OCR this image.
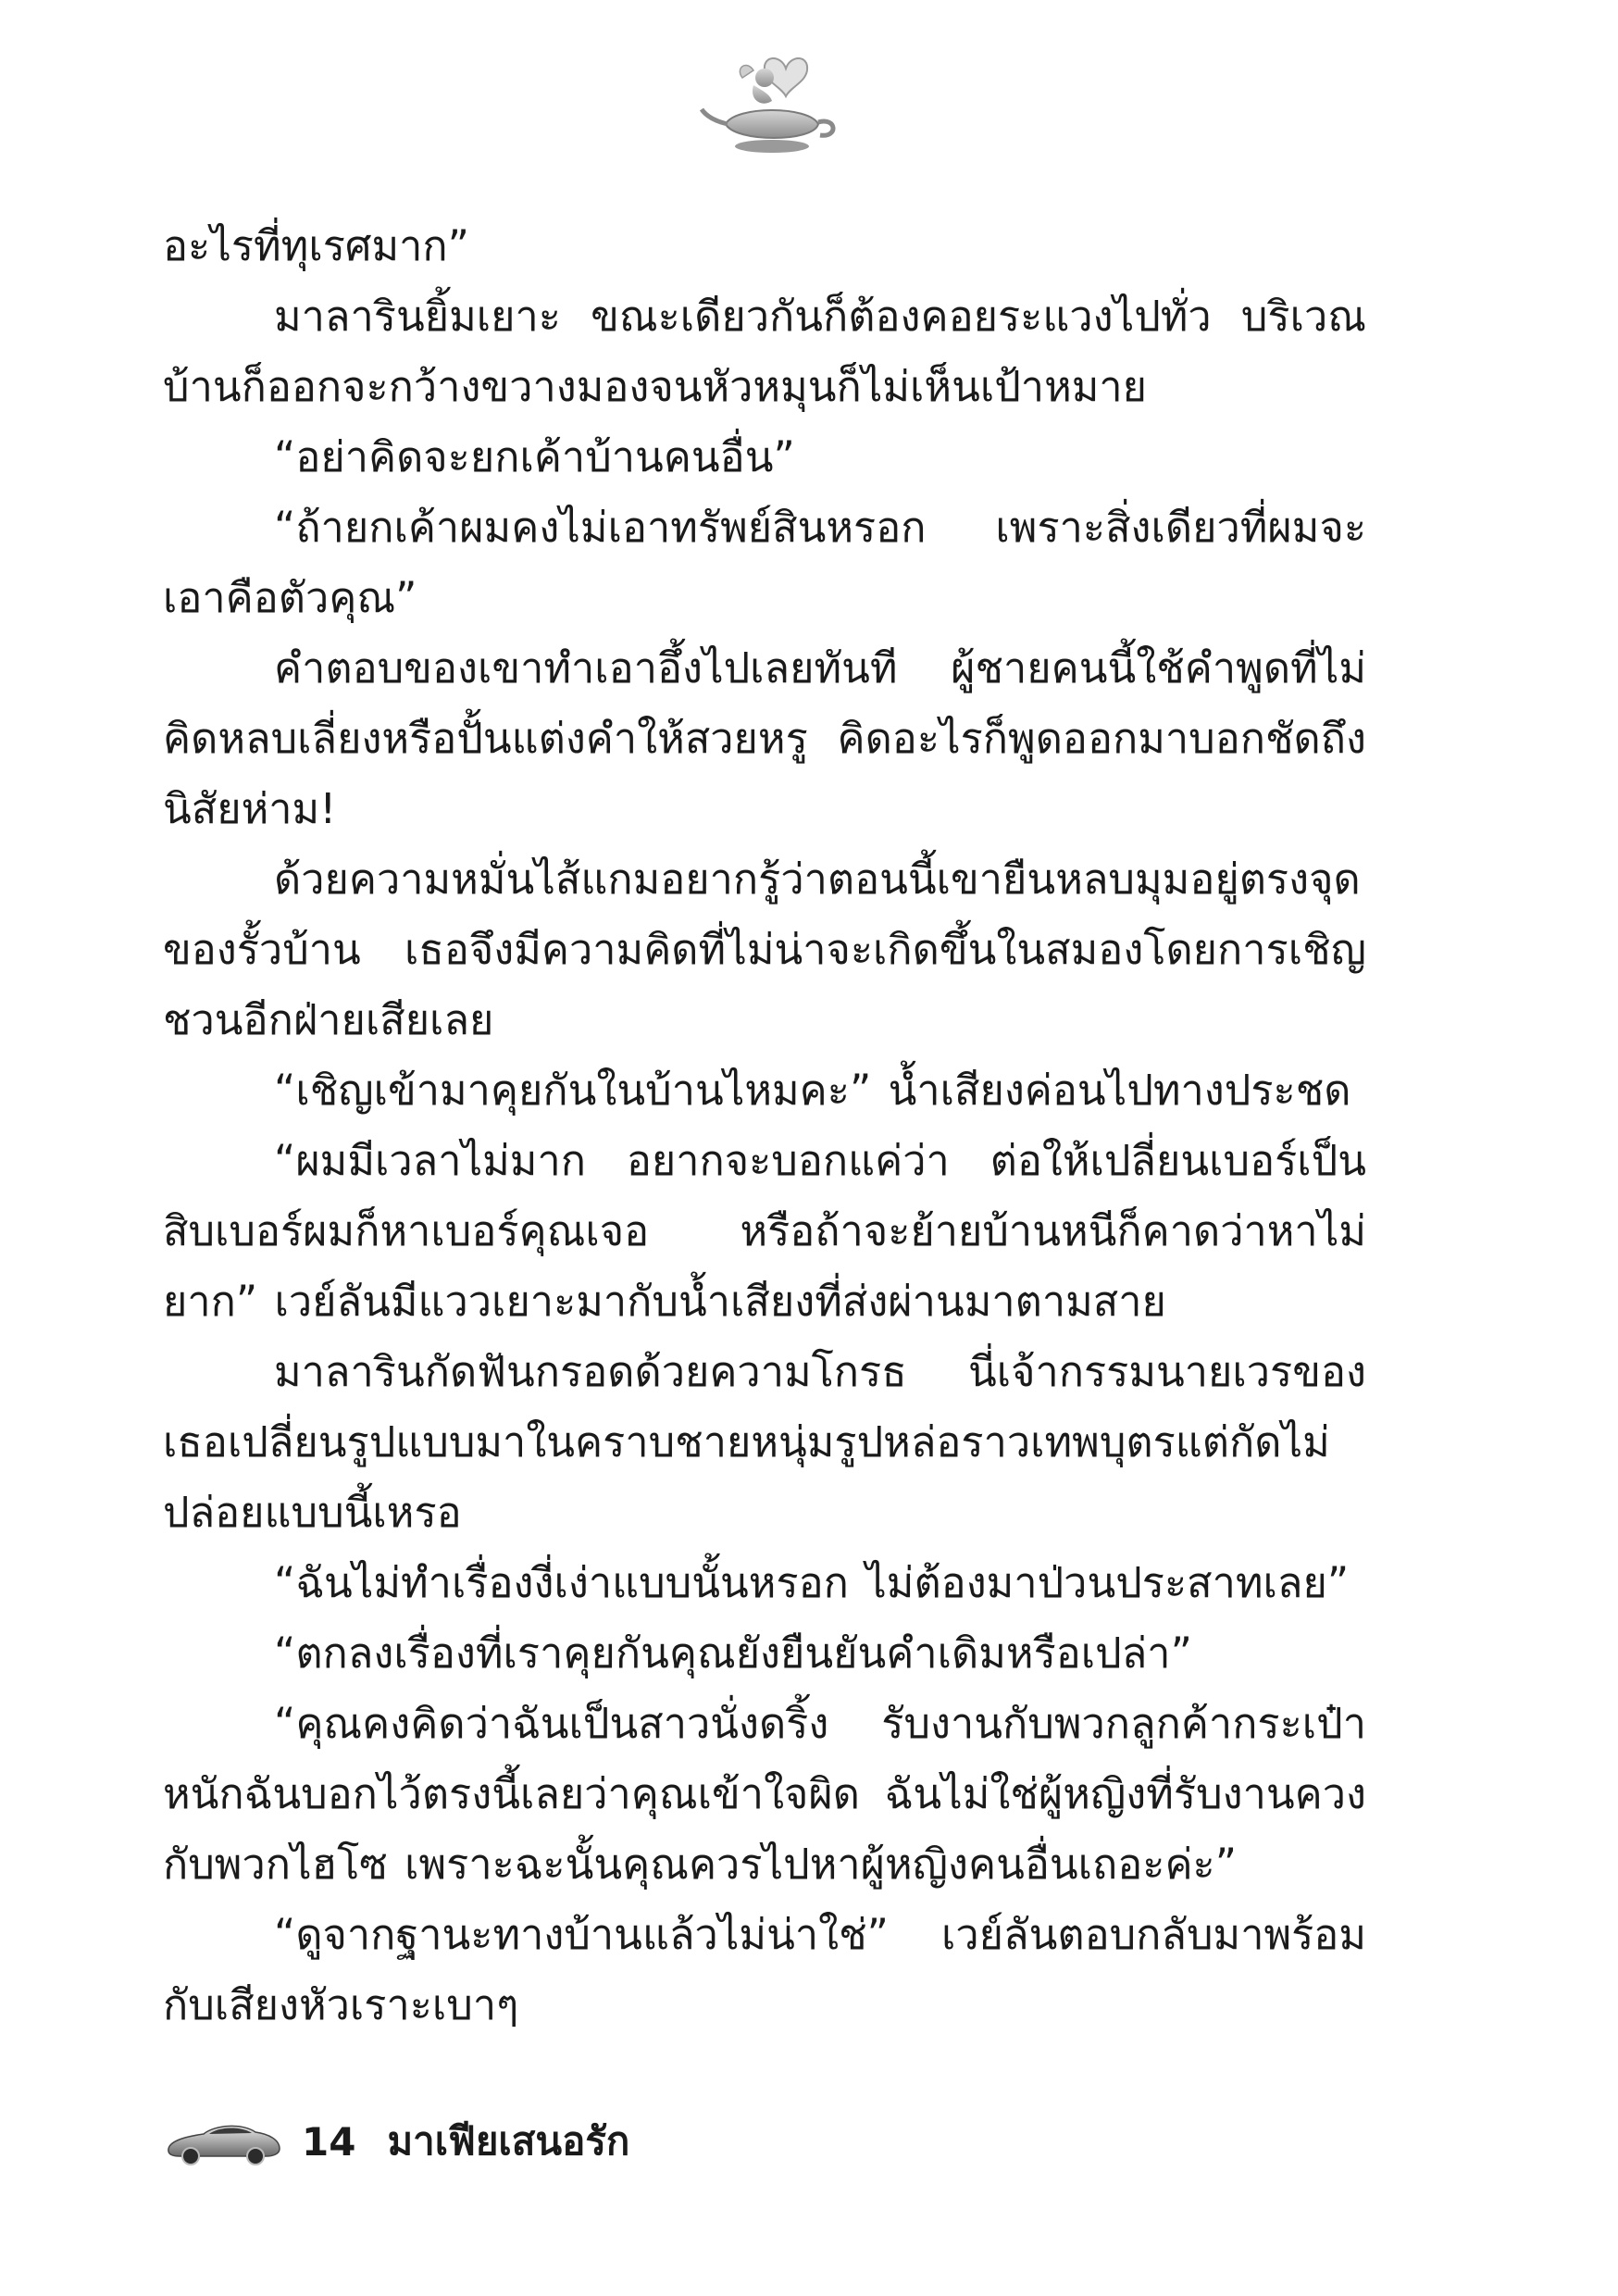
อะไรที่ทุเรศมาก”

มาลารินยิ้มเยาะ ขณะเดียวกันก็ต้องคอยระแวงไปทั่ว บริเวณบ้านก็ออกจะกว้างขวางมองจนหัวหมุนก็ไม่เห็นเป้าหมาย

“อย่าคิดจะยกเค้าบ้านคนอื่น”

“ถ้ายกเค้าผมคงไม่เอาทรัพย์สินหรอก เพราะสิ่งเดียวที่ผมจะเอาคือตัวคุณ”

คำตอบของเขาทำเอาอึ้งไปเลยทันที ผู้ชายคนนี้ใช้คำพูดที่ไม่คิดหลบเลี่ยงหรือปั้นแต่งคำให้สวยหรู คิดอะไรก็พูดออกมาบอกชัดถึงนิสัยห่าม!

ด้วยความหมั่นไส้แกมอยากรู้ว่าตอนนี้เขายืนหลบมุมอยู่ตรงจุดของรั้วบ้าน เธอจึงมีความคิดที่ไม่น่าจะเกิดขึ้นในสมองโดยการเชิญชวนอีกฝ่ายเสียเลย

“เชิญเข้ามาคุยกันในบ้านไหมคะ” น้ำเสียงค่อนไปทางประชด

“ผมมีเวลาไม่มาก อยากจะบอกแค่ว่า ต่อให้เปลี่ยนเบอร์เป็นสิบเบอร์ผมก็หาเบอร์คุณเจอ หรือถ้าจะย้ายบ้านหนีก็คาดว่าหาไม่ยาก” เวย์ลันมีแววเยาะมากับน้ำเสียงที่ส่งผ่านมาตามสาย

มาลารินกัดฟันกรอดด้วยความโกรธ นี่เจ้ากรรมนายเวรของเธอเปลี่ยนรูปแบบมาในคราบชายหนุ่มรูปหล่อราวเทพบุตรแต่กัดไม่ปล่อยแบบนี้เหรอ

“ฉันไม่ทำเรื่องงี่เง่าแบบนั้นหรอก ไม่ต้องมาป่วนประสาทเลย”

“ตกลงเรื่องที่เราคุยกันคุณยังยืนยันคำเดิมหรือเปล่า”

“คุณคงคิดว่าฉันเป็นสาวนั่งดริ้ง รับงานกับพวกลูกค้ากระเป๋าหนักฉันบอกไว้ตรงนี้เลยว่าคุณเข้าใจผิด ฉันไม่ใช่ผู้หญิงที่รับงานควงกับพวกไฮโซ เพราะฉะนั้นคุณควรไปหาผู้หญิงคนอื่นเถอะค่ะ”

“ดูจากฐานะทางบ้านแล้วไม่น่าใช่” เวย์ลันตอบกลับมาพร้อมกับเสียงหัวเราะเบาๆ

14 มาเฟียเสนอรัก
